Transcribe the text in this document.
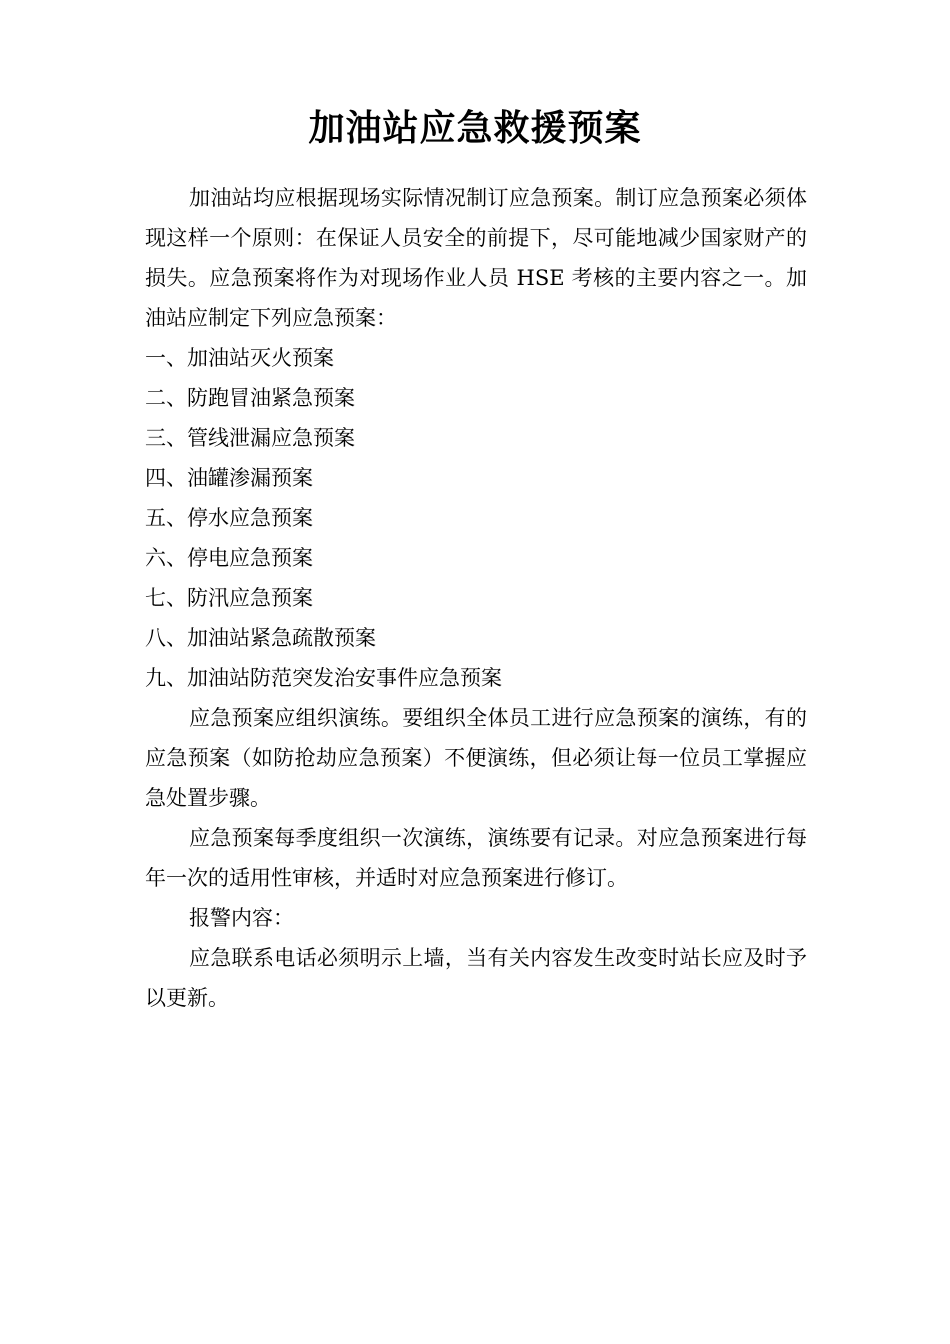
加油站应急救援预案

加油站均应根据现场实际情况制订应急预案。制订应急预案必须体现这样一个原则：在保证人员安全的前提下，尽可能地减少国家财产的损失。应急预案将作为对现场作业人员 HSE 考核的主要内容之一。加油站应制定下列应急预案：

一、加油站灭火预案

二、防跑冒油紧急预案

三、管线泄漏应急预案

四、油罐渗漏预案

五、停水应急预案

六、停电应急预案

七、防汛应急预案

八、加油站紧急疏散预案

九、加油站防范突发治安事件应急预案

应急预案应组织演练。要组织全体员工进行应急预案的演练，有的应急预案（如防抢劫应急预案）不便演练，但必须让每一位员工掌握应急处置步骤。

应急预案每季度组织一次演练，演练要有记录。对应急预案进行每年一次的适用性审核，并适时对应急预案进行修订。

报警内容：

应急联系电话必须明示上墙，当有关内容发生改变时站长应及时予以更新。
